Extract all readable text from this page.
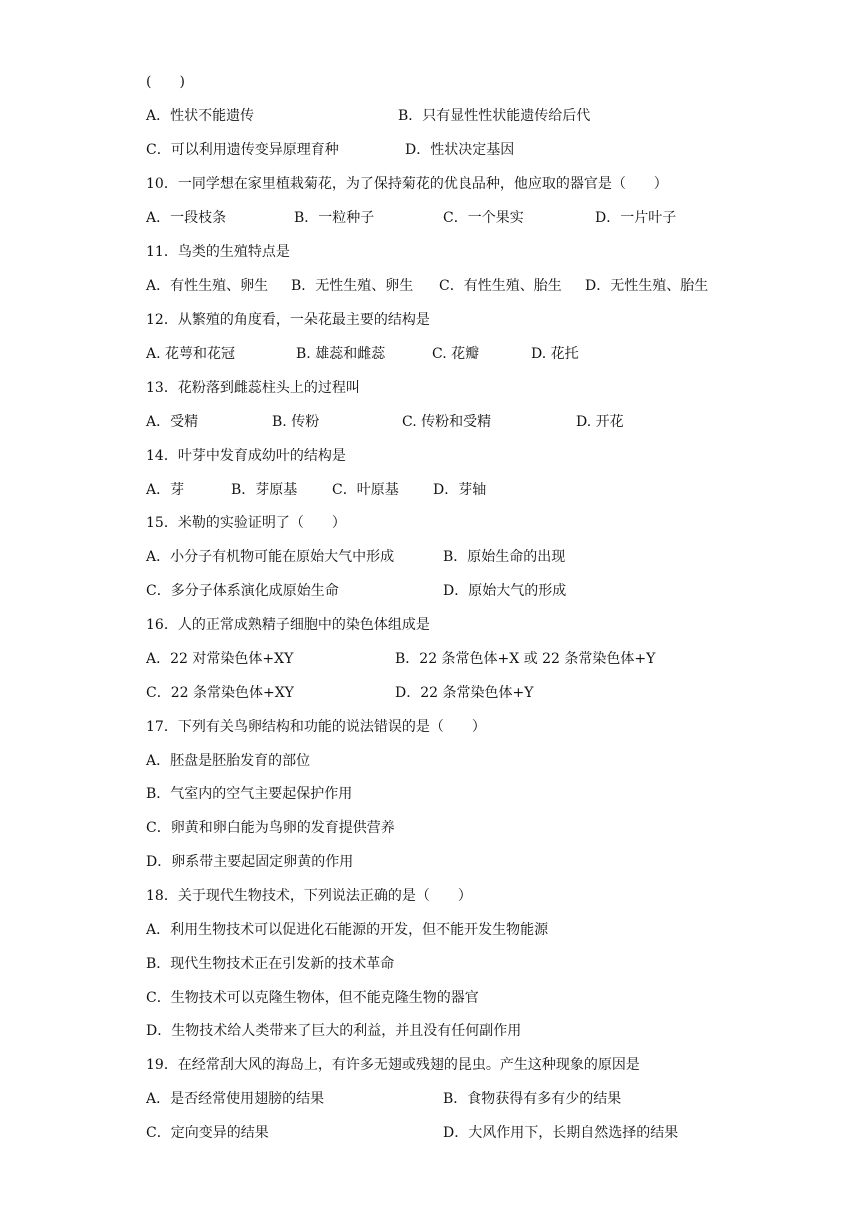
(　　)
A．性状不能遗传	B．只有显性性状能遗传给后代
C．可以利用遗传变异原理育种	D．性状决定基因
10．一同学想在家里植栽菊花，为了保持菊花的优良品种，他应取的器官是（　　）
A．一段枝条	B．一粒种子	C．一个果实	D．一片叶子
11．鸟类的生殖特点是
A．有性生殖、卵生 B．无性生殖、卵生 C．有性生殖、胎生 D．无性生殖、胎生
12．从繁殖的角度看，一朵花最主要的结构是
A. 花萼和花冠	B. 雄蕊和雌蕊	C. 花瓣	D. 花托
13．花粉落到雌蕊柱头上的过程叫
A．受精	B. 传粉	C. 传粉和受精	D. 开花
14．叶芽中发育成幼叶的结构是
A．芽	B．芽原基 C．叶原基 D．芽轴
15．米勒的实验证明了（　　）
A．小分子有机物可能在原始大气中形成	B．原始生命的出现
C．多分子体系演化成原始生命	D．原始大气的形成
16．人的正常成熟精子细胞中的染色体组成是
A．22 对常染色体+XY	B．22 条常色体+X 或 22 条常染色体+Y
C．22 条常染色体+XY	D．22 条常染色体+Y
17．下列有关鸟卵结构和功能的说法错误的是（　　）
A．胚盘是胚胎发育的部位
B．气室内的空气主要起保护作用
C．卵黄和卵白能为鸟卵的发育提供营养
D．卵系带主要起固定卵黄的作用
18．关于现代生物技术，下列说法正确的是（　　）
A．利用生物技术可以促进化石能源的开发，但不能开发生物能源
B．现代生物技术正在引发新的技术革命
C．生物技术可以克隆生物体，但不能克隆生物的器官
D．生物技术给人类带来了巨大的利益，并且没有任何副作用
19．在经常刮大风的海岛上，有许多无翅或残翅的昆虫。产生这种现象的原因是
A．是否经常使用翅膀的结果	B．食物获得有多有少的结果
C．定向变异的结果	D．大风作用下，长期自然选择的结果
